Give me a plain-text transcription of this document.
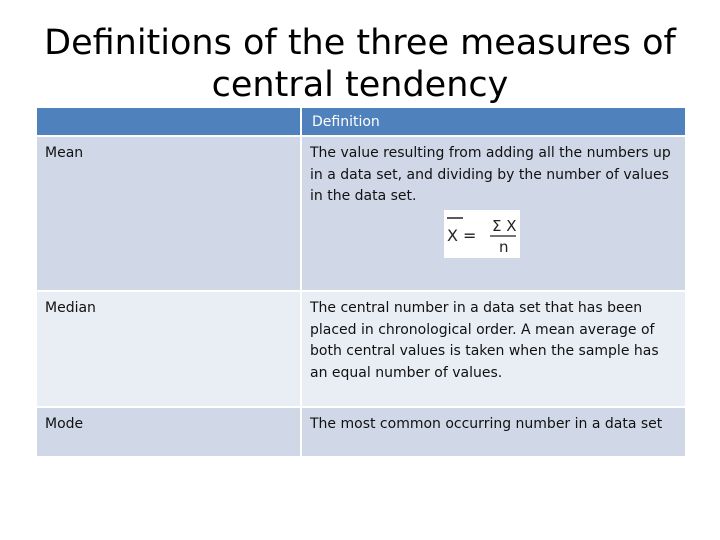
Definitions of the three measures of central tendency
	Definition
Mean	The value resulting from adding all the numbers up in a data set, and dividing by the number of values in the data set.
X = Σ X
n

Median	The central number in a data set that has been placed in chronological order. A mean average of both central values is taken when the sample has an equal number of values.
Mode	The most common occurring number in a data set
